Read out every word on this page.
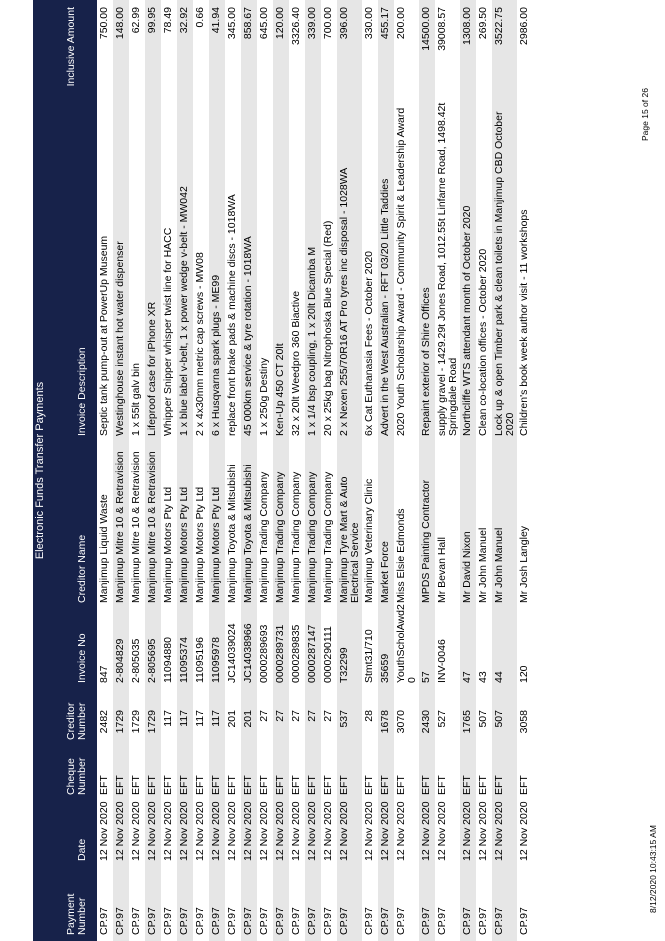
Electronic Funds Transfer Payments
Payment Number
Date
Cheque Number
Creditor Number
Invoice No
Creditor Name
Invoice Description
Inclusive Amount
CP.97
12 Nov 2020
EFT
2482
847
Manjimup Liquid Waste
Septic tank pump-out at PowerUp Museum
750.00
CP.97
12 Nov 2020
EFT
1729
2-804829
Manjimup Mitre 10 & Retravision
Westinghouse instant hot water dispenser
148.00
CP.97
12 Nov 2020
EFT
1729
2-805035
Manjimup Mitre 10 & Retravision
1 x 55lt galv bin
62.99
CP.97
12 Nov 2020
EFT
1729
2-805695
Manjimup Mitre 10 & Retravision
Lifeproof case for iPhone XR
99.95
CP.97
12 Nov 2020
EFT
117
11094880
Manjimup Motors Pty Ltd
Whipper Snipper whisper twist line for HACC
78.49
CP.97
12 Nov 2020
EFT
117
11095374
Manjimup Motors Pty Ltd
1 x blue label v-belt, 1 x power wedge v-belt - MW042
32.92
CP.97
12 Nov 2020
EFT
117
11095196
Manjimup Motors Pty Ltd
2 x 4x30mm metric cap screws - MW08
0.66
CP.97
12 Nov 2020
EFT
117
11095978
Manjimup Motors Pty Ltd
6 x Husqvarna spark plugs - ME99
41.94
CP.97
12 Nov 2020
EFT
201
JC14039024
Manjimup Toyota & Mitsubishi
replace front brake pads & machine discs - 1018WA
345.00
CP.97
12 Nov 2020
EFT
201
JC14038966
Manjimup Toyota & Mitsubishi
45 000km service & tyre rotation - 1018WA
858.67
CP.97
12 Nov 2020
EFT
27
0000289693
Manjimup Trading Company
1 x 250g Destiny
645.00
CP.97
12 Nov 2020
EFT
27
0000289731
Manjimup Trading Company
Ken-Up 450 CT 20lt
120.00
CP.97
12 Nov 2020
EFT
27
0000289835
Manjimup Trading Company
32 x 20lt Weedpro 360 Biactive
3326.40
CP.97
12 Nov 2020
EFT
27
0000287147
Manjimup Trading Company
1 x 1/4 bsp coupling, 1 x 20lt Dicamba M
339.00
CP.97
12 Nov 2020
EFT
27
0000290111
Manjimup Trading Company
20 x 25kg bag Nitrophoska Blue Special (Red)
700.00
CP.97
12 Nov 2020
EFT
537
T32299
Manjimup Tyre Mart & Auto Electrical Service
2 x Nexen 255/70R16 AT Pro tyres inc disposal - 1028WA
396.00
CP.97
12 Nov 2020
EFT
28
Stmt31/710
Manjimup Veterinary Clinic
6x Cat Euthanasia Fees - October 2020
330.00
CP.97
12 Nov 2020
EFT
1678
35659
Market Force
Advert in the West Australian - RFT 03/20 Little Taddies
455.17
CP.97
12 Nov 2020
EFT
3070
YouthScholAwd2 0
Miss Elsie Edmonds
2020 Youth Scholarship Award - Community Spirit & Leadership Award
200.00
CP.97
12 Nov 2020
EFT
2430
57
MPDS Painting Contractor
Repaint exterior of Shire Offices
14500.00
CP.97
12 Nov 2020
EFT
527
INV-0046
Mr Bevan Hall
supply gravel - 1429.29t Jones Road, 1012.55t Linfarne Road, 1498.42t Springdale Road
39008.57
CP.97
12 Nov 2020
EFT
1765
47
Mr David Nixon
Northcliffe WTS attendant month of October 2020
1308.00
CP.97
12 Nov 2020
EFT
507
43
Mr John Manuel
Clean co-location offices - October 2020
269.50
CP.97
12 Nov 2020
EFT
507
44
Mr John Manuel
Lock up & open Timber park & clean toilets in Manjimup CBD October 2020
3522.75
CP.97
12 Nov 2020
EFT
3058
120
Mr Josh Langley
Children's book week author visit - 11 workshops
2986.00
8/12/2020 10:43:15 AM
Page 15 of 26
